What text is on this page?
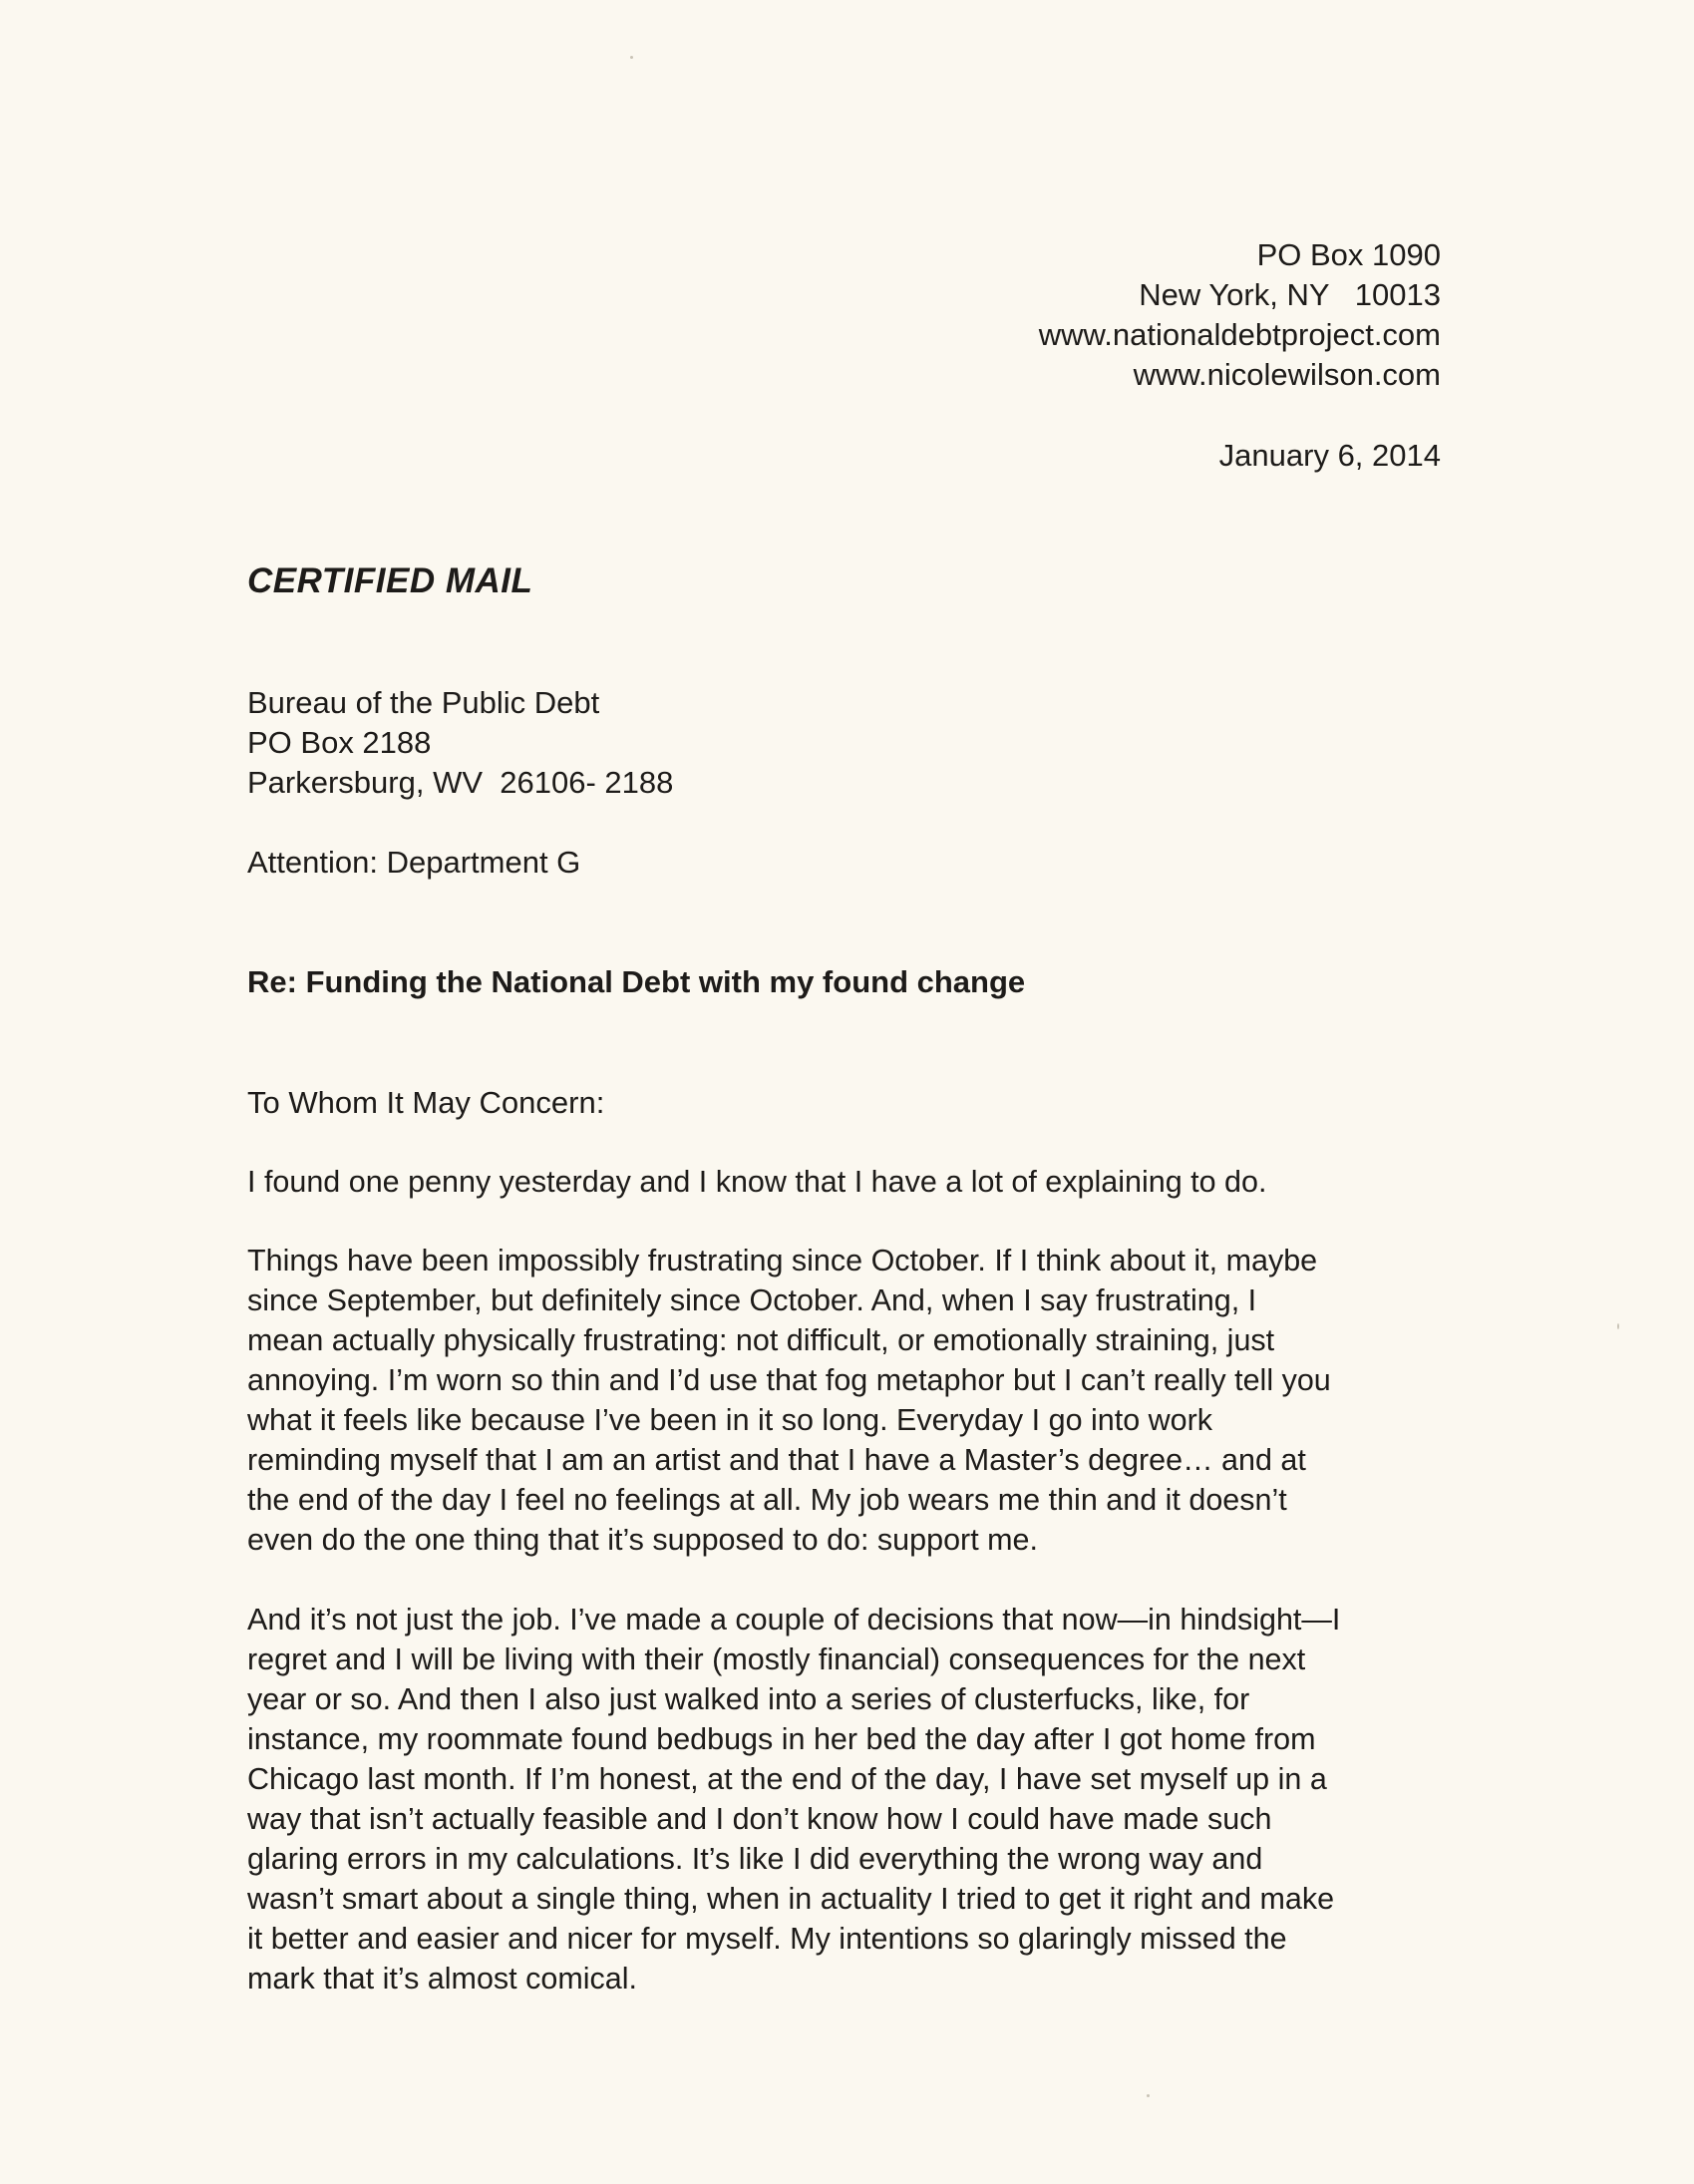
PO Box 1090
New York, NY   10013
www.nationaldebtproject.com
www.nicolewilson.com
January 6, 2014
CERTIFIED MAIL
Bureau of the Public Debt
PO Box 2188
Parkersburg, WV  26106- 2188
Attention: Department G
Re: Funding the National Debt with my found change
To Whom It May Concern:
I found one penny yesterday and I know that I have a lot of explaining to do.
Things have been impossibly frustrating since October. If I think about it, maybe
since September, but definitely since October. And, when I say frustrating, I
mean actually physically frustrating: not difficult, or emotionally straining, just
annoying. I’m worn so thin and I’d use that fog metaphor but I can’t really tell you
what it feels like because I’ve been in it so long. Everyday I go into work
reminding myself that I am an artist and that I have a Master’s degree… and at
the end of the day I feel no feelings at all. My job wears me thin and it doesn’t
even do the one thing that it’s supposed to do: support me.
And it’s not just the job. I’ve made a couple of decisions that now—in hindsight—I
regret and I will be living with their (mostly financial) consequences for the next
year or so. And then I also just walked into a series of clusterfucks, like, for
instance, my roommate found bedbugs in her bed the day after I got home from
Chicago last month. If I’m honest, at the end of the day, I have set myself up in a
way that isn’t actually feasible and I don’t know how I could have made such
glaring errors in my calculations. It’s like I did everything the wrong way and
wasn’t smart about a single thing, when in actuality I tried to get it right and make
it better and easier and nicer for myself. My intentions so glaringly missed the
mark that it’s almost comical.
